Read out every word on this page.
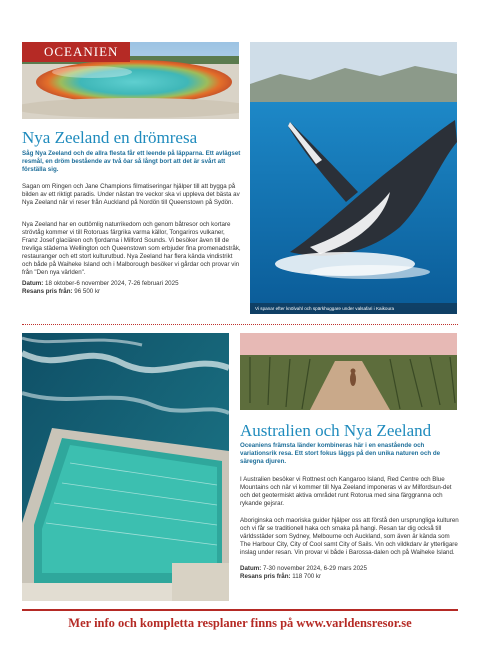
OCEANIEN
Vi spanar efter knölvahl och spärkhuggare under valsafari i Kaikoura
Nya Zeeland en drömresa

Såg Nya Zeeland och de allra flesta får ett leende på läpparna. Ett avlägset resmål, en dröm bestående av två öar så långt bort att det är svårt att förställa sig.

Sagan om Ringen och Jane Champions filmatiseringar hjälper till att bygga på bilden av ett riktigt paradis. Under nästan tre veckor ska vi uppleva det bästa av Nya Zeeland när vi reser från Auckland på Nordön till Queenstown på Sydön.

Nya Zeeland har en outtömlig naturrikedom och genom båtresor och kortare strövtåg kommer vi till Rotoruas färgrika varma källor, Tongariros vulkaner, Franz Josef glaciären och fjordarna i Milford Sounds. Vi besöker även till de trevliga städerna Wellington och Queenstown som erbjuder fina promenadstråk, restauranger och ett stort kulturutbud. Nya Zeeland har flera kända vindistrikt och både på Waiheke Island och i Malborough besöker vi gårdar och provar vin från "Den nya världen".

Datum: 18 oktober-6 november 2024, 7-26 februari 2025
Resans pris från: 96 500 kr
Australien och Nya Zeeland

Oceaniens främsta länder kombineras här i en enastående och variationsrik resa. Ett stort fokus läggs på den unika naturen och de säregna djuren.

I Australien besöker vi Rottnest och Kangaroo Island, Red Centre och Blue Mountains och när vi kommer till Nya Zeeland imponeras vi av Milfordsun-det och det geotermiskt aktiva området runt Rotorua med sina färggranna och rykande gejsrar.

Aboriginska och maoriska guider hjälper oss att förstå den ursprungliga kulturen och vi får se traditionell haka och smaka på hangi. Resan tar dig också till världsstäder som Sydney, Melbourne och Auckland, som även är kända som The Harbour City, City of Cool samt City of Sails. Vin och vildkdarv är ytterligare inslag under resan. Vin provar vi både i Barossa-dalen och på Waiheke Island.

Datum: 7-30 november 2024, 6-29 mars 2025
Resans pris från: 118 700 kr
Mer info och kompletta resplaner finns på www.varldensresor.se
